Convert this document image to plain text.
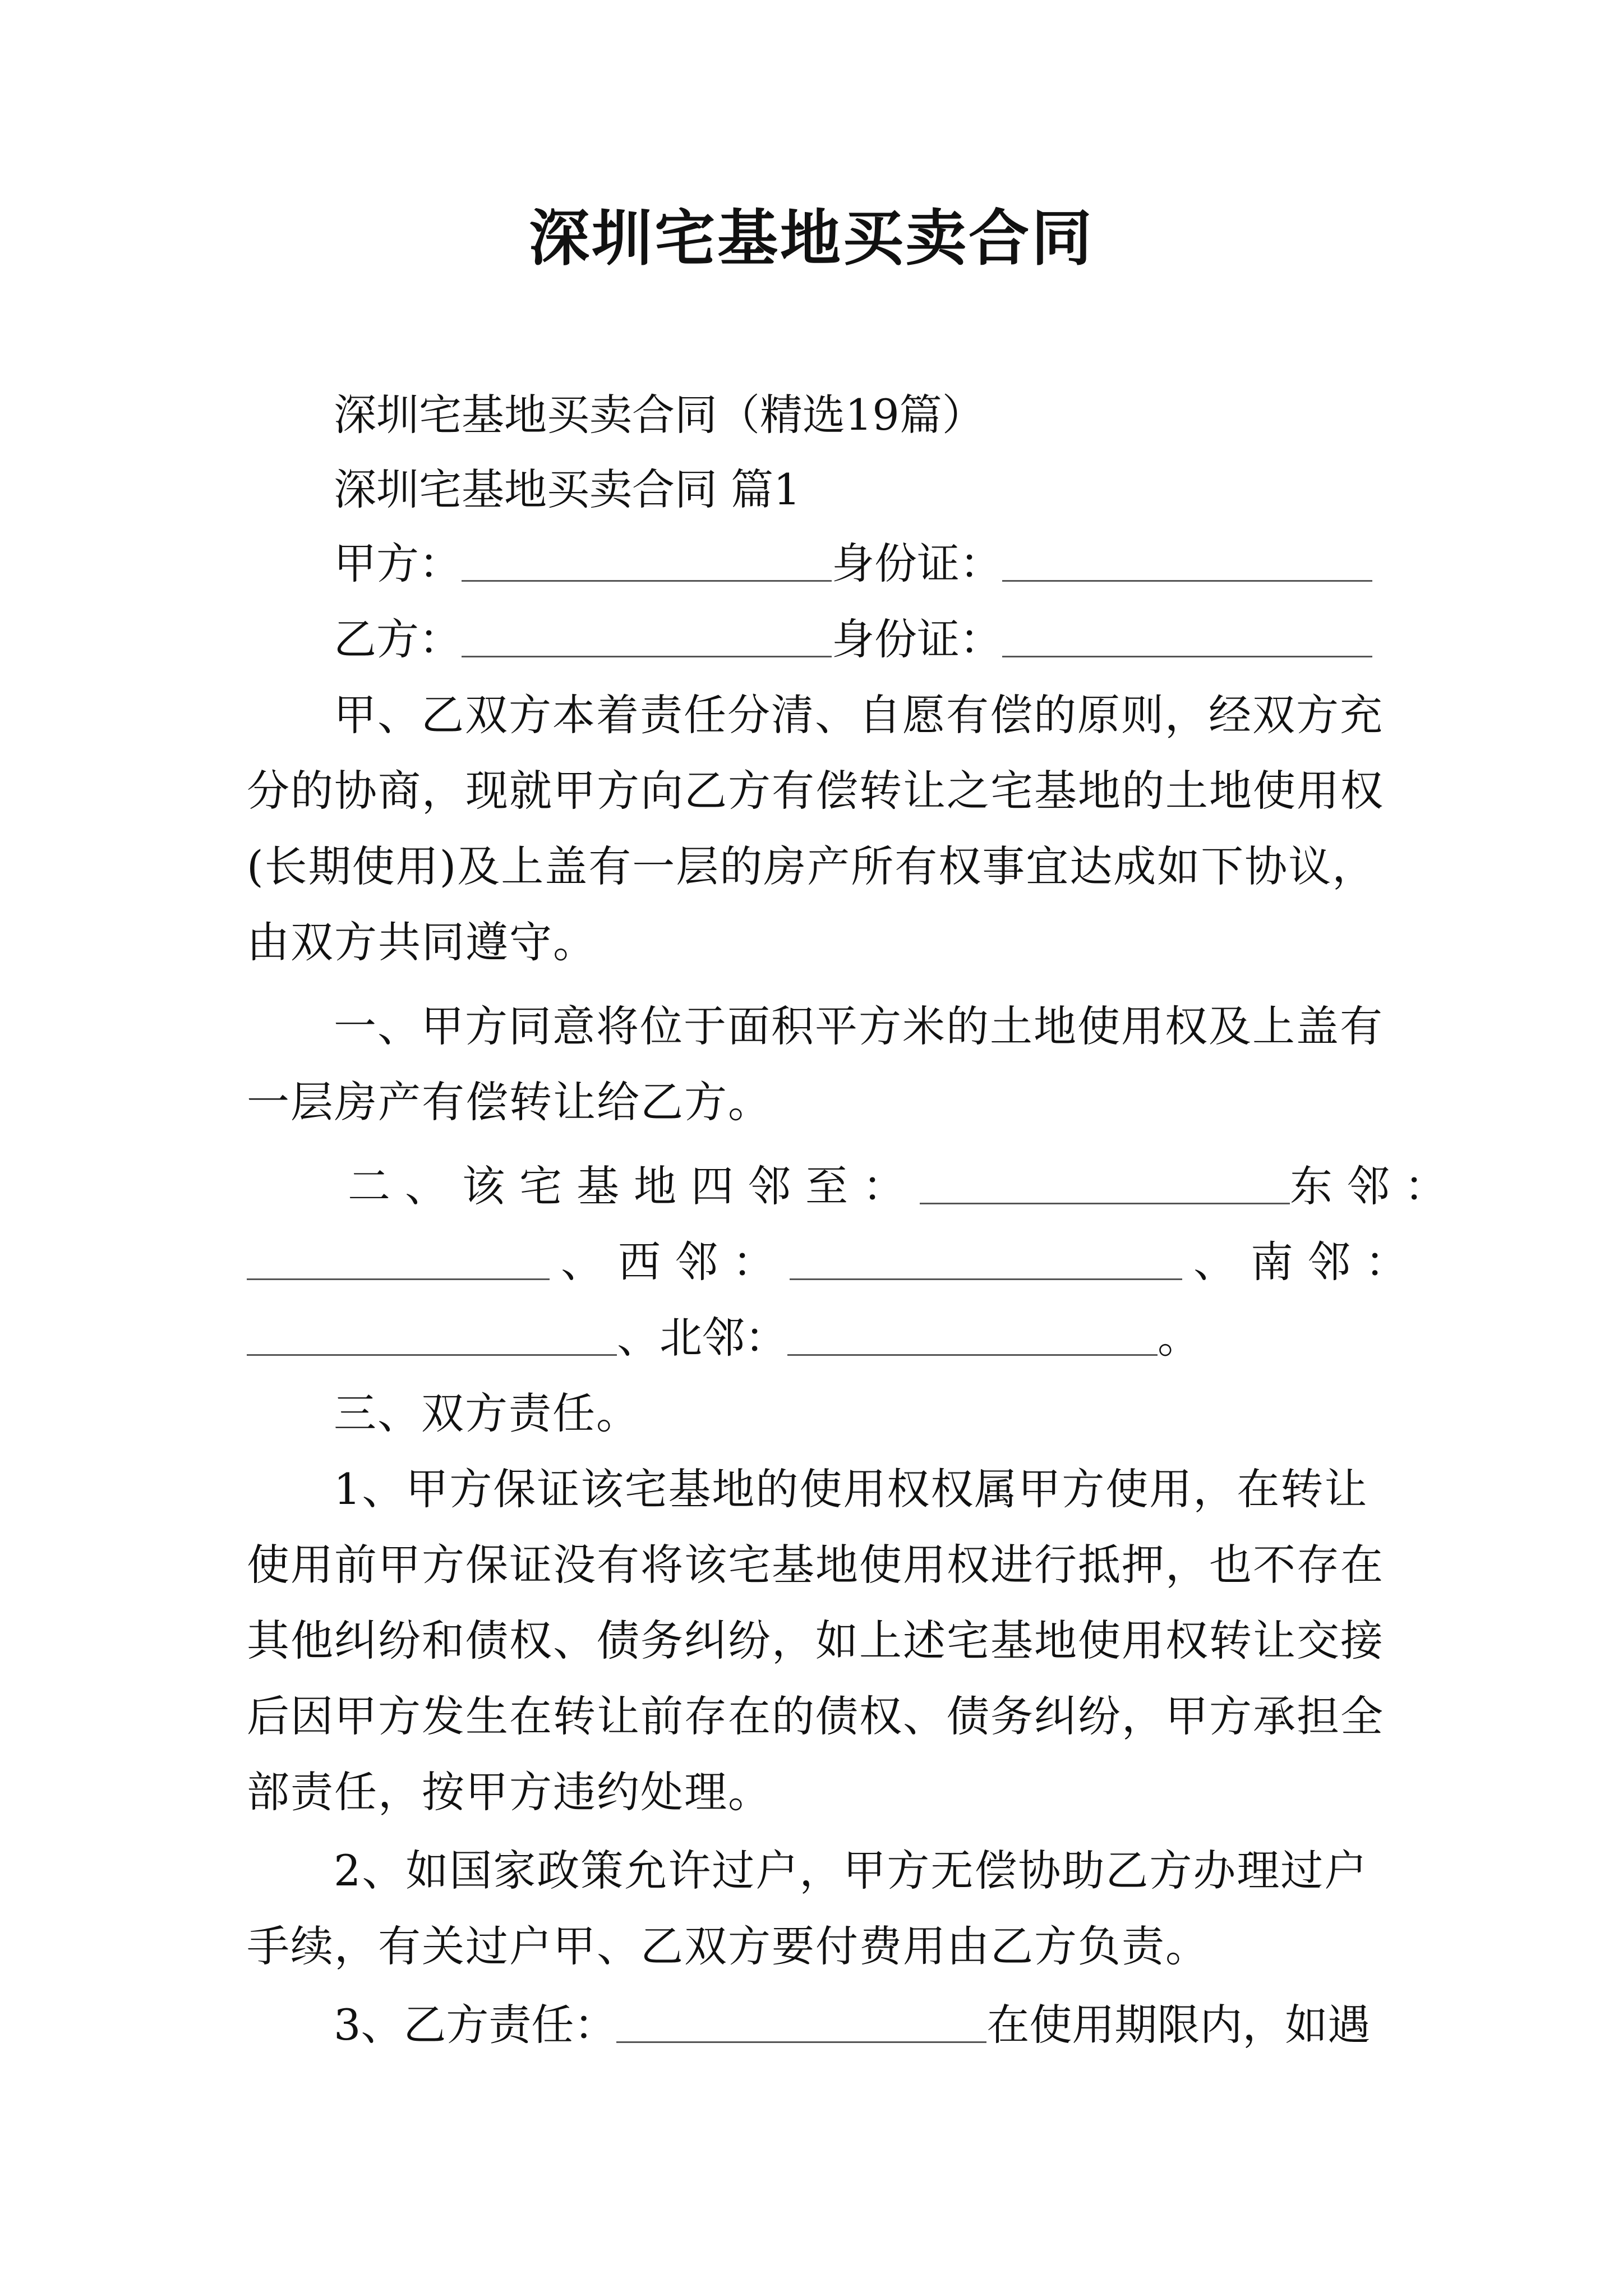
深圳宅基地买卖合同
深圳宅基地买卖合同（精选19篇）
深圳宅基地买卖合同 篇1
甲方：	身份证：
乙方：	身份证：
甲、乙双方本着责任分清、自愿有偿的原则，经双方充
分的协商，现就甲方向乙方有偿转让之宅基地的土地使用权
(长期使用)及上盖有一层的房产所有权事宜达成如下协议，
由双方共同遵守。
一、甲方同意将位于面积平方米的土地使用权及上盖有
一层房产有偿转让给乙方。
二、该宅基地四邻至：	东邻：
、西邻：	、南邻：
、北邻：	。
三、双方责任。
1、甲方保证该宅基地的使用权权属甲方使用，在转让
使用前甲方保证没有将该宅基地使用权进行抵押，也不存在
其他纠纷和债权、债务纠纷，如上述宅基地使用权转让交接
后因甲方发生在转让前存在的债权、债务纠纷，甲方承担全
部责任，按甲方违约处理。
2、如国家政策允许过户，甲方无偿协助乙方办理过户
手续，有关过户甲、乙双方要付费用由乙方负责。
3、乙方责任：	在使用期限内，如遇
